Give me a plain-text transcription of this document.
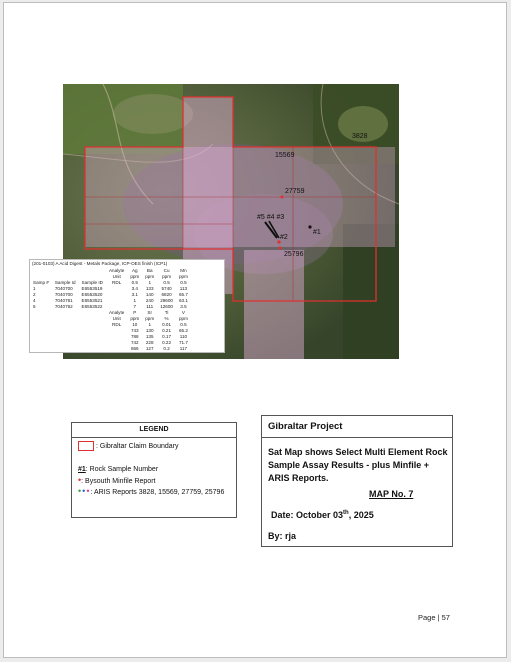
3828
15569
27759
25796
#5 #4 #3
#1
#2
(201-0103) A Acid Digest - Metals Package, ICP-OES finish (ICP1)
			Analyte	Ag	Ba	Cu	Mn
			Unit	ppm	ppm	ppm	ppm
Samp #	Sample Id	Sample ID	RDL	0.5	1	0.5	0.5
1	7040700	E6553519		3.4	133	5740	113
2	7040700	E6553520		3.1	140	6820	65.7
4	7040761	E6553521		1	240	29600	63.1
5	7040762	E6553522		7	111	12600	3.5
			Analyte	P	Sr	Ti	V
			Unit	ppm	ppm	%	ppm
			RDL	10	1	0.01	0.5
				743	130	0.21	65.2
				788	135	0.17	110
				742	228	0.22	71.7
				866	127	0.2	117
LEGEND
: Gibraltar Claim Boundary
#1: Rock Sample Number
•: Bysouth Minfile Report
•••: ARIS Reports 3828, 15569, 27759, 25796
Gibraltar Project
Sat Map shows Select Multi Element Rock Sample Assay Results - plus Minfile + ARIS Reports.
MAP No. 7
Date: October 03th, 2025
By: rja
Page | 57
